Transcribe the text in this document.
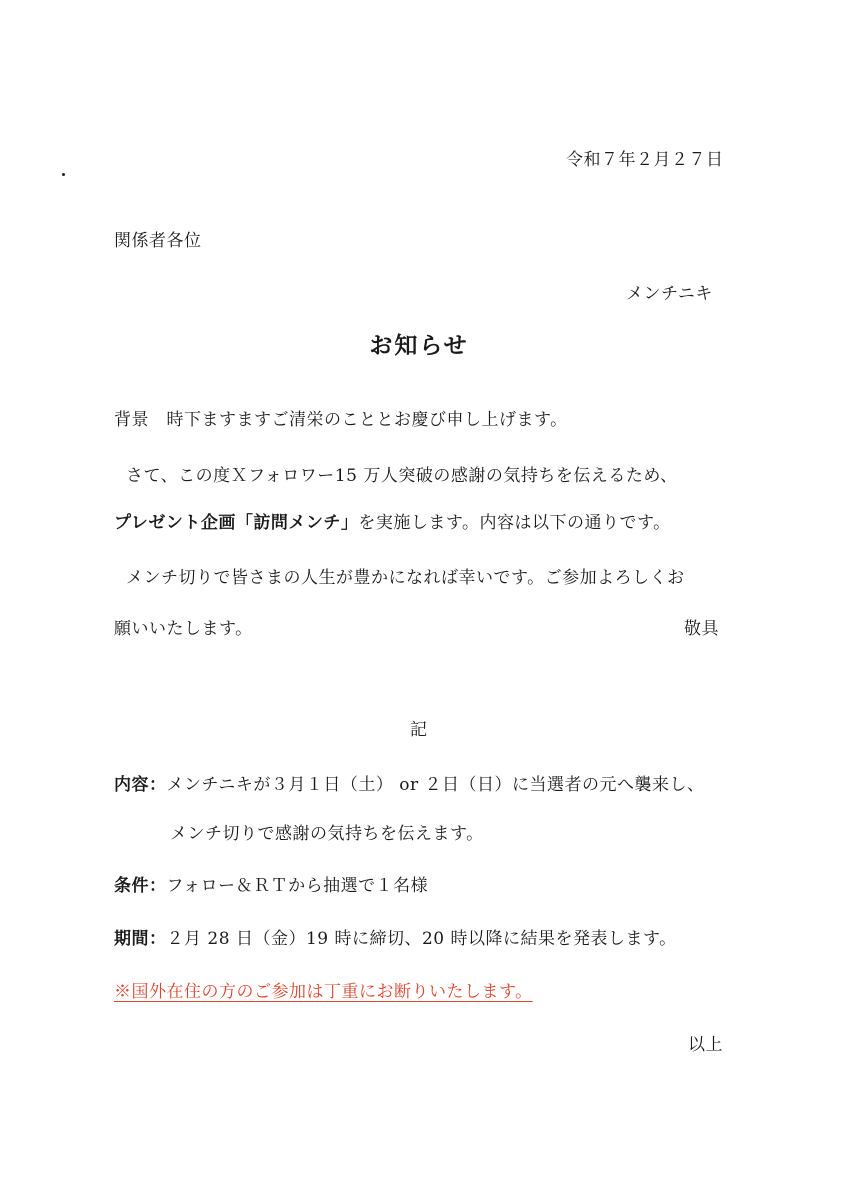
令和７年２月２７日
関係者各位
メンチニキ
お知らせ
背景　時下ますますご清栄のこととお慶び申し上げます。
さて、この度Ｘフォロワー15 万人突破の感謝の気持ちを伝えるため、
プレゼント企画「訪問メンチ」を実施します。内容は以下の通りです。
メンチ切りで皆さまの人生が豊かになれば幸いです。ご参加よろしくお
願いいたします。	敬具
記
内容：メンチニキが３月１日（土） or ２日（日）に当選者の元へ襲来し、
メンチ切りで感謝の気持ちを伝えます。
条件：フォロー＆ＲＴから抽選で１名様
期間：２月 28 日（金）19 時に締切、20 時以降に結果を発表します。
※国外在住の方のご参加は丁重にお断りいたします。
以上
